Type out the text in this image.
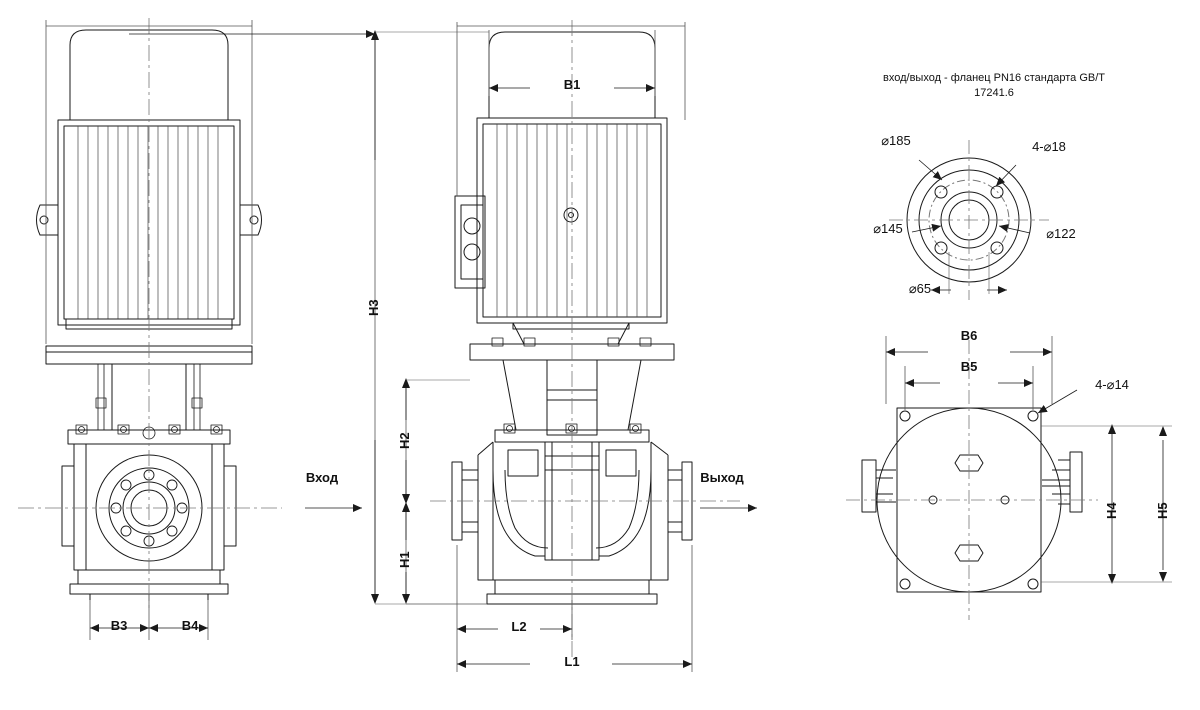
B3	B4
B1
H3
H2
H1
L2
L1
Вход	Выход
вход/выход - фланец PN16 стандарта GB/T
17241.6
⌀185	4-⌀18
⌀145	⌀122
⌀65
B6
B5
4-⌀14
H4	H5
